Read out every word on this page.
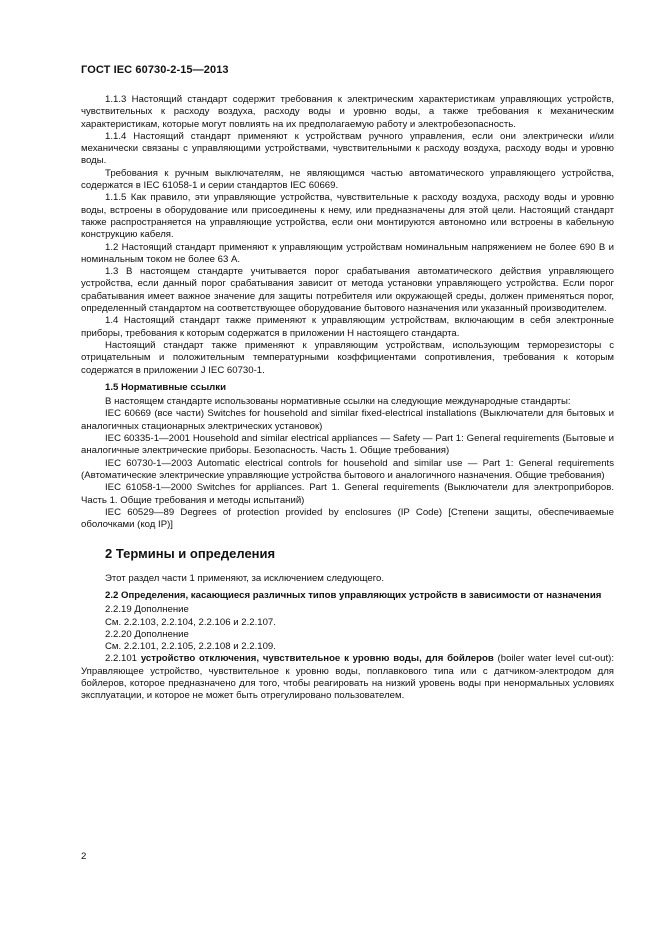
ГОСТ IEC 60730-2-15—2013

1.1.3 Настоящий стандарт содержит требования к электрическим характеристикам управляющих устройств, чувствительных к расходу воздуха, расходу воды и уровню воды, а также требования к механическим характеристикам, которые могут повлиять на их предполагаемую работу и электробезопасность.

1.1.4 Настоящий стандарт применяют к устройствам ручного управления, если они электрически и/или механически связаны с управляющими устройствами, чувствительными к расходу воздуха, расходу воды и уровню воды.

Требования к ручным выключателям, не являющимся частью автоматического управляющего устройства, содержатся в IEC 61058-1 и серии стандартов IEC 60669.

1.1.5 Как правило, эти управляющие устройства, чувствительные к расходу воздуха, расходу воды и уровню воды, встроены в оборудование или присоединены к нему, или предназначены для этой цели. Настоящий стандарт также распространяется на управляющие устройства, если они монтируются автономно или встроены в кабельную конструкцию кабеля.

1.2 Настоящий стандарт применяют к управляющим устройствам номинальным напряжением не более 690 В и номинальным током не более 63 А.

1.3 В настоящем стандарте учитывается порог срабатывания автоматического действия управляющего устройства, если данный порог срабатывания зависит от метода установки управляющего устройства. Если порог срабатывания имеет важное значение для защиты потребителя или окружающей среды, должен применяться порог, определенный стандартом на соответствующее оборудование бытового назначения или указанный производителем.

1.4 Настоящий стандарт также применяют к управляющим устройствам, включающим в себя электронные приборы, требования к которым содержатся в приложении Н настоящего стандарта.

Настоящий стандарт также применяют к управляющим устройствам, использующим терморезисторы с отрицательным и положительным температурными коэффициентами сопротивления, требования к которым содержатся в приложении J IEC 60730-1.

1.5 Нормативные ссылки

В настоящем стандарте использованы нормативные ссылки на следующие международные стандарты:

IEC 60669 (все части) Switches for household and similar fixed-electrical installations (Выключатели для бытовых и аналогичных стационарных электрических установок)

IEC 60335-1—2001 Household and similar electrical appliances — Safety — Part 1: General requirements (Бытовые и аналогичные электрические приборы. Безопасность. Часть 1. Общие требования)

IEC 60730-1—2003 Automatic electrical controls for household and similar use — Part 1: General requirements (Автоматические электрические управляющие устройства бытового и аналогичного назначения. Общие требования)

IEC 61058-1—2000 Switches for appliances. Part 1. General requirements (Выключатели для электроприборов. Часть 1. Общие требования и методы испытаний)

IEC 60529—89 Degrees of protection provided by enclosures (IP Code) [Степени защиты, обеспечиваемые оболочками (код IP)]

2 Термины и определения

Этот раздел части 1 применяют, за исключением следующего.

2.2 Определения, касающиеся различных типов управляющих устройств в зависимости от назначения

2.2.19 Дополнение

См. 2.2.103, 2.2.104, 2.2.106 и 2.2.107.

2.2.20 Дополнение

См. 2.2.101, 2.2.105, 2.2.108 и 2.2.109.

2.2.101 устройство отключения, чувствительное к уровню воды, для бойлеров (boiler water level cut-out): Управляющее устройство, чувствительное к уровню воды, поплавкового типа или с датчиком-электродом для бойлеров, которое предназначено для того, чтобы реагировать на низкий уровень воды при ненормальных условиях эксплуатации, и которое не может быть отрегулировано пользователем.

2
